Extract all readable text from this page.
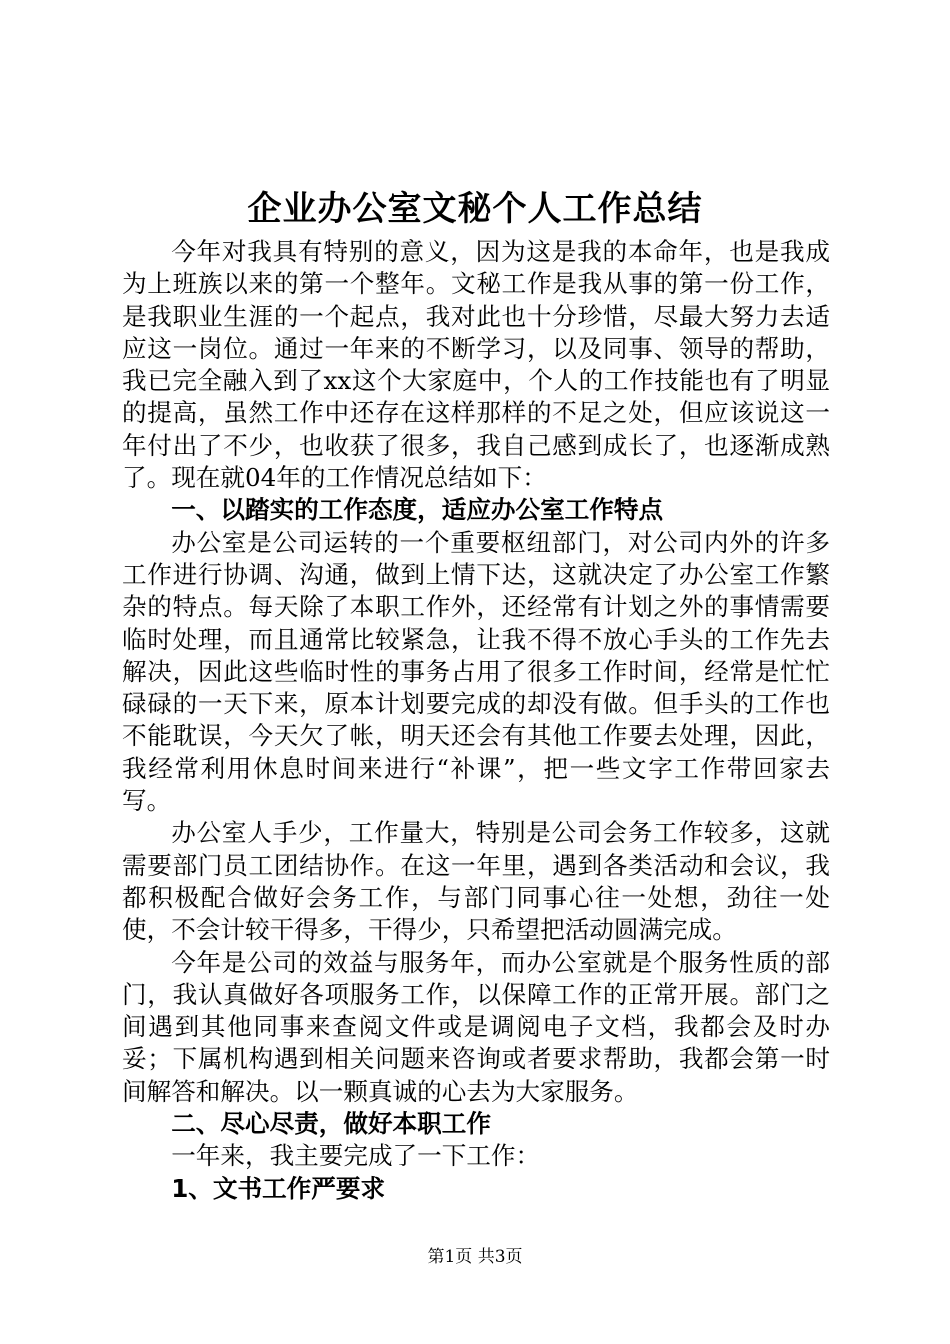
企业办公室文秘个人工作总结

今年对我具有特别的意义，因为这是我的本命年，也是我成为上班族以来的第一个整年。文秘工作是我从事的第一份工作，是我职业生涯的一个起点，我对此也十分珍惜，尽最大努力去适应这一岗位。通过一年来的不断学习，以及同事、领导的帮助，我已完全融入到了xx这个大家庭中，个人的工作技能也有了明显的提高，虽然工作中还存在这样那样的不足之处，但应该说这一年付出了不少，也收获了很多，我自己感到成长了，也逐渐成熟了。现在就04年的工作情况总结如下：

一、以踏实的工作态度，适应办公室工作特点

办公室是公司运转的一个重要枢纽部门，对公司内外的许多工作进行协调、沟通，做到上情下达，这就决定了办公室工作繁杂的特点。每天除了本职工作外，还经常有计划之外的事情需要临时处理，而且通常比较紧急，让我不得不放心手头的工作先去解决，因此这些临时性的事务占用了很多工作时间，经常是忙忙碌碌的一天下来，原本计划要完成的却没有做。但手头的工作也不能耽误，今天欠了帐，明天还会有其他工作要去处理，因此，我经常利用休息时间来进行“补课”，把一些文字工作带回家去写。

办公室人手少，工作量大，特别是公司会务工作较多，这就需要部门员工团结协作。在这一年里，遇到各类活动和会议，我都积极配合做好会务工作，与部门同事心往一处想，劲往一处使，不会计较干得多，干得少，只希望把活动圆满完成。

今年是公司的效益与服务年，而办公室就是个服务性质的部门，我认真做好各项服务工作，以保障工作的正常开展。部门之间遇到其他同事来查阅文件或是调阅电子文档，我都会及时办妥；下属机构遇到相关问题来咨询或者要求帮助，我都会第一时间解答和解决。以一颗真诚的心去为大家服务。

二、尽心尽责，做好本职工作

一年来，我主要完成了一下工作：

1、文书工作严要求
第1页 共3页
